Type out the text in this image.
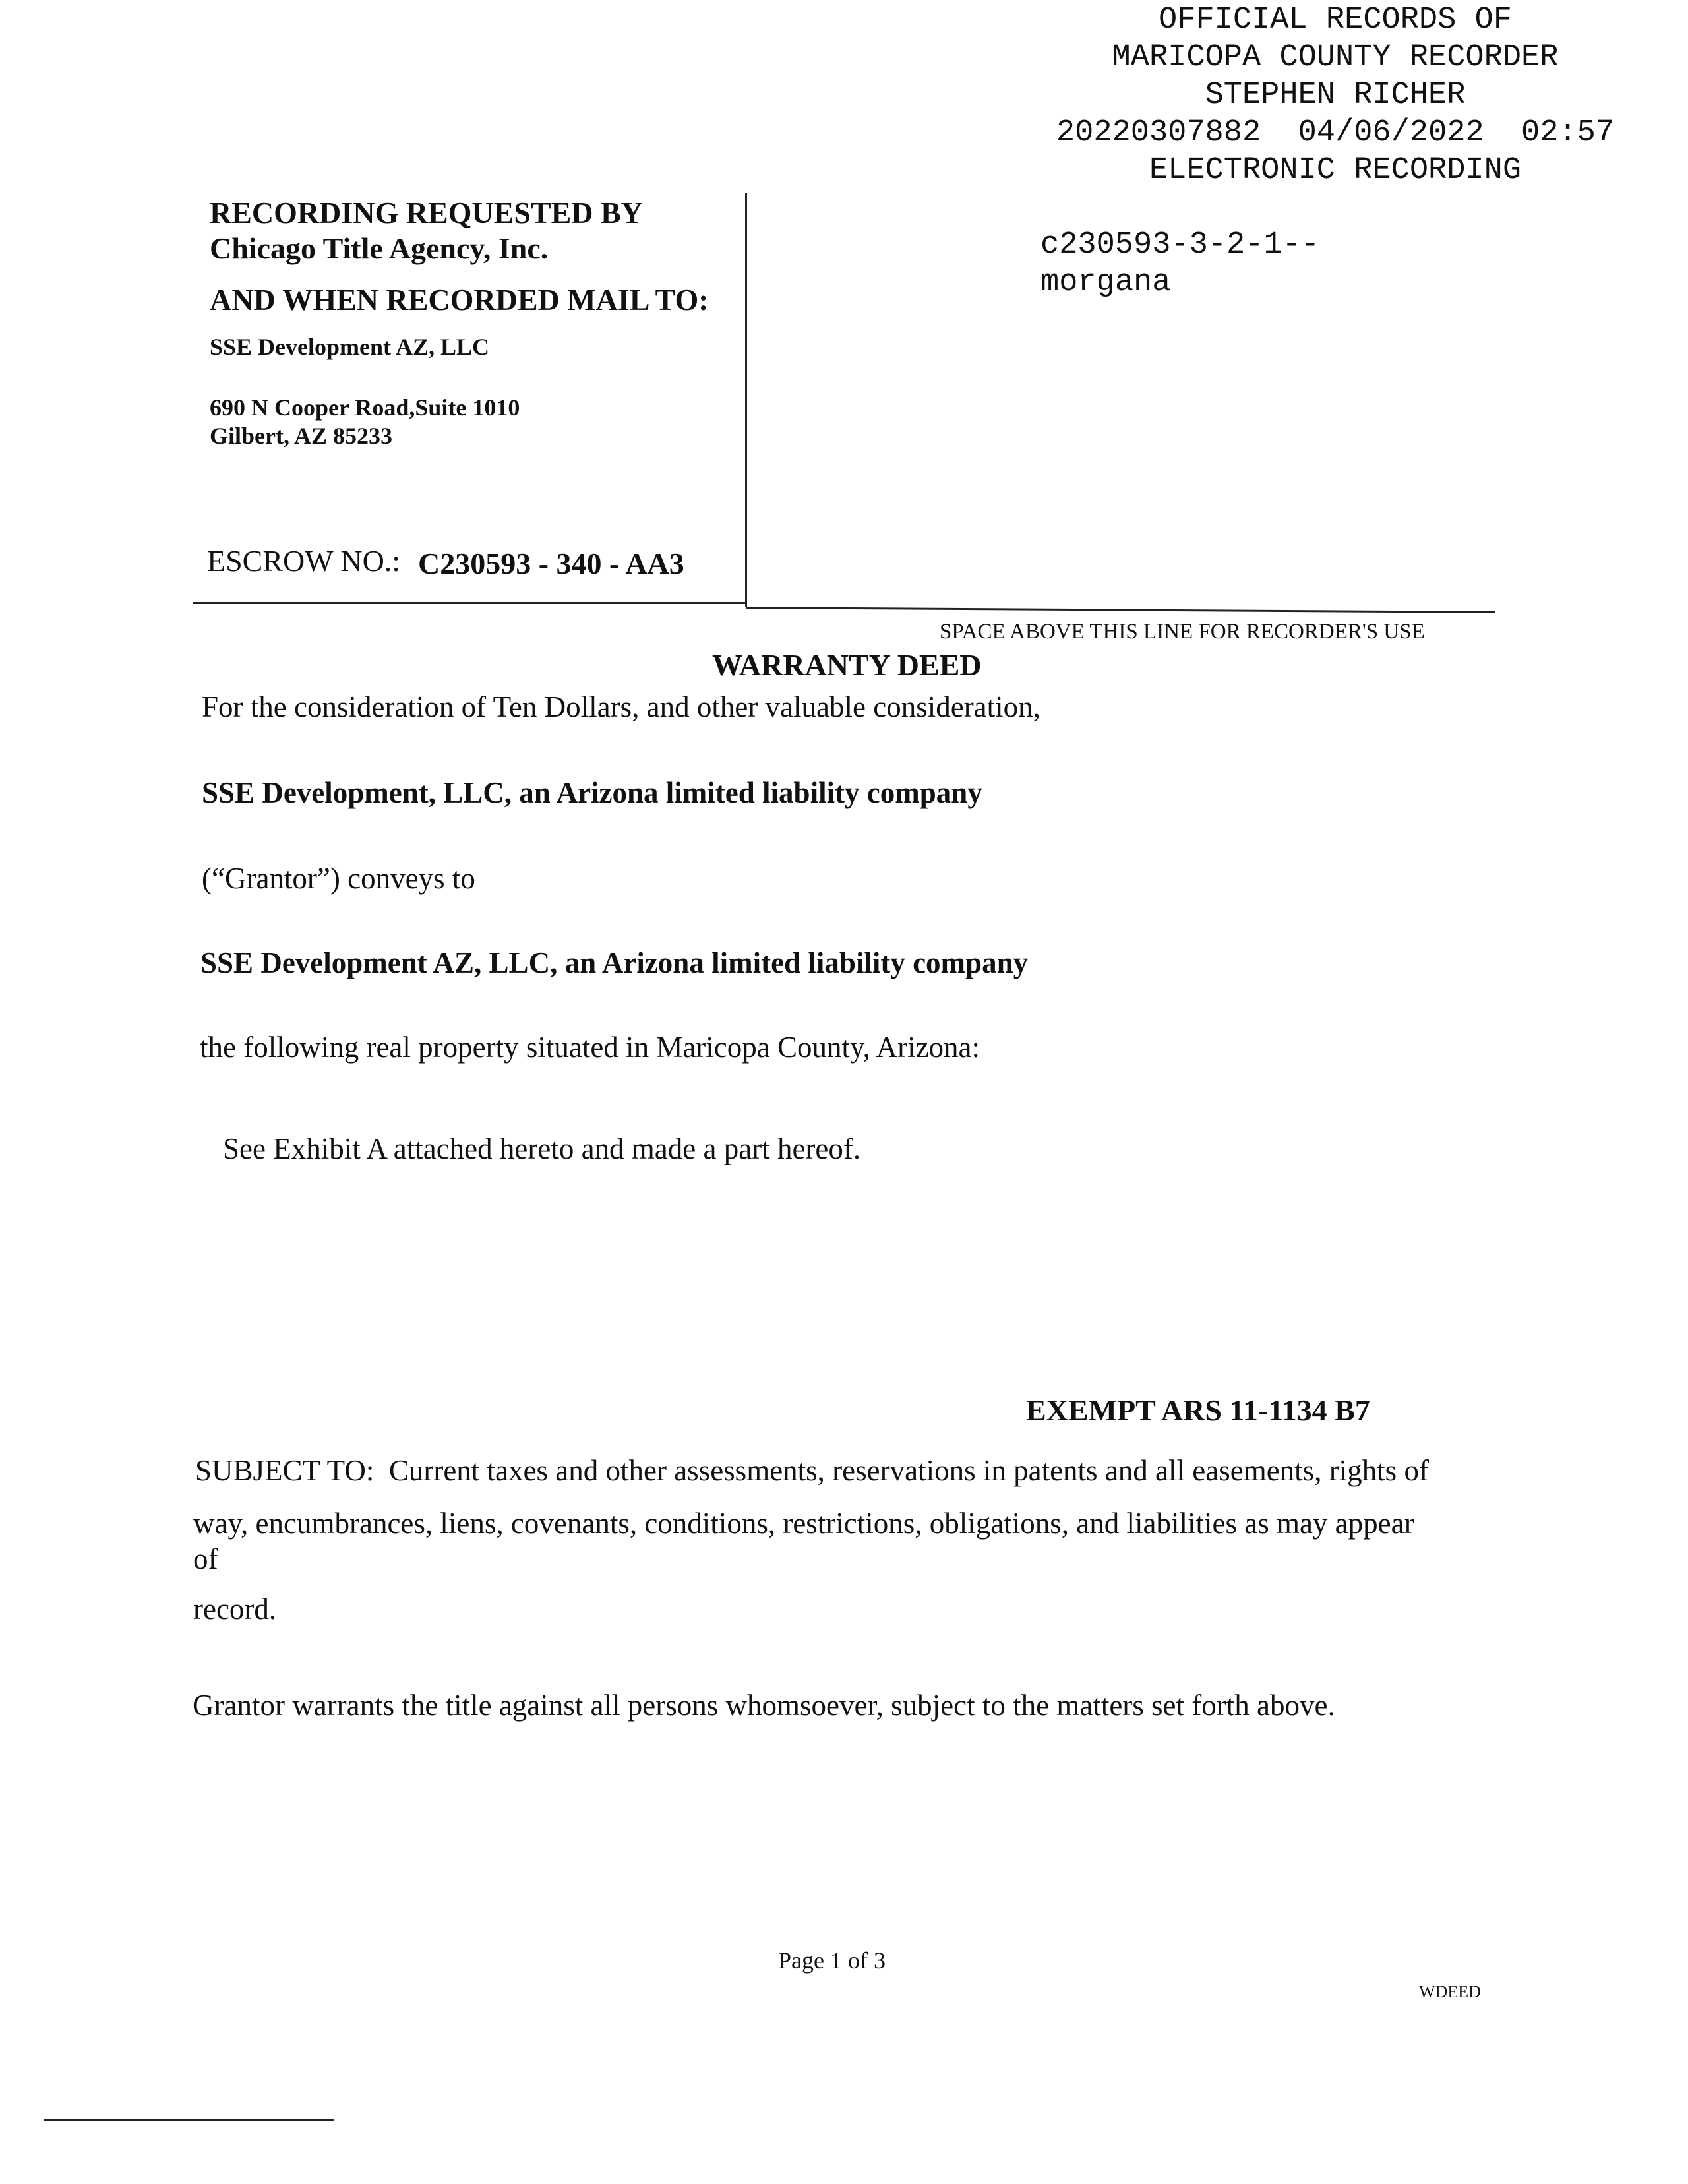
OFFICIAL RECORDS OF
MARICOPA COUNTY RECORDER
STEPHEN RICHER
20220307882  04/06/2022  02:57
ELECTRONIC RECORDING
c230593-3-2-1--
morgana
RECORDING REQUESTED BY
Chicago Title Agency, Inc.
AND WHEN RECORDED MAIL TO:
SSE Development AZ, LLC
690 N Cooper Road,Suite 1010
Gilbert, AZ 85233
ESCROW NO.: C230593 - 340 - AA3
SPACE ABOVE THIS LINE FOR RECORDER'S USE
WARRANTY DEED
For the consideration of Ten Dollars, and other valuable consideration,
SSE Development, LLC, an Arizona limited liability company
(“Grantor”) conveys to
SSE Development AZ, LLC, an Arizona limited liability company
the following real property situated in Maricopa County, Arizona:
See Exhibit A attached hereto and made a part hereof.
EXEMPT ARS 11-1134 B7
SUBJECT TO:  Current taxes and other assessments, reservations in patents and all easements, rights of
way, encumbrances, liens, covenants, conditions, restrictions, obligations, and liabilities as may appear
of
record.
Grantor warrants the title against all persons whomsoever, subject to the matters set forth above.
Page 1 of 3
WDEED
